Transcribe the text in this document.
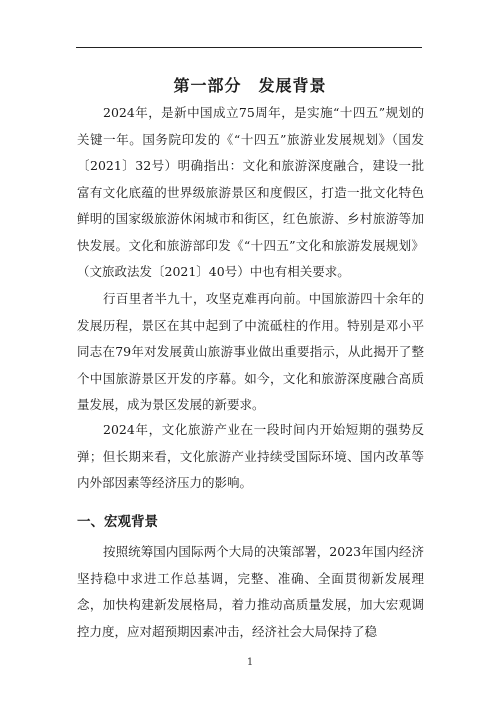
第一部分　发展背景

2024年，是新中国成立75周年，是实施“十四五”规划的关键一年。国务院印发的《“十四五”旅游业发展规划》（国发〔2021〕32号）明确指出：文化和旅游深度融合，建设一批富有文化底蕴的世界级旅游景区和度假区，打造一批文化特色鲜明的国家级旅游休闲城市和街区，红色旅游、乡村旅游等加快发展。文化和旅游部印发《“十四五”文化和旅游发展规划》（文旅政法发〔2021〕40号）中也有相关要求。

行百里者半九十，攻坚克难再向前。中国旅游四十余年的发展历程，景区在其中起到了中流砥柱的作用。特别是邓小平同志在79年对发展黄山旅游事业做出重要指示，从此揭开了整个中国旅游景区开发的序幕。如今，文化和旅游深度融合高质量发展，成为景区发展的新要求。

2024年，文化旅游产业在一段时间内开始短期的强势反弹；但长期来看，文化旅游产业持续受国际环境、国内改革等内外部因素等经济压力的影响。

一、宏观背景

按照统筹国内国际两个大局的决策部署，2023年国内经济坚持稳中求进工作总基调，完整、准确、全面贯彻新发展理念，加快构建新发展格局，着力推动高质量发展，加大宏观调控力度，应对超预期因素冲击，经济社会大局保持了稳

1
